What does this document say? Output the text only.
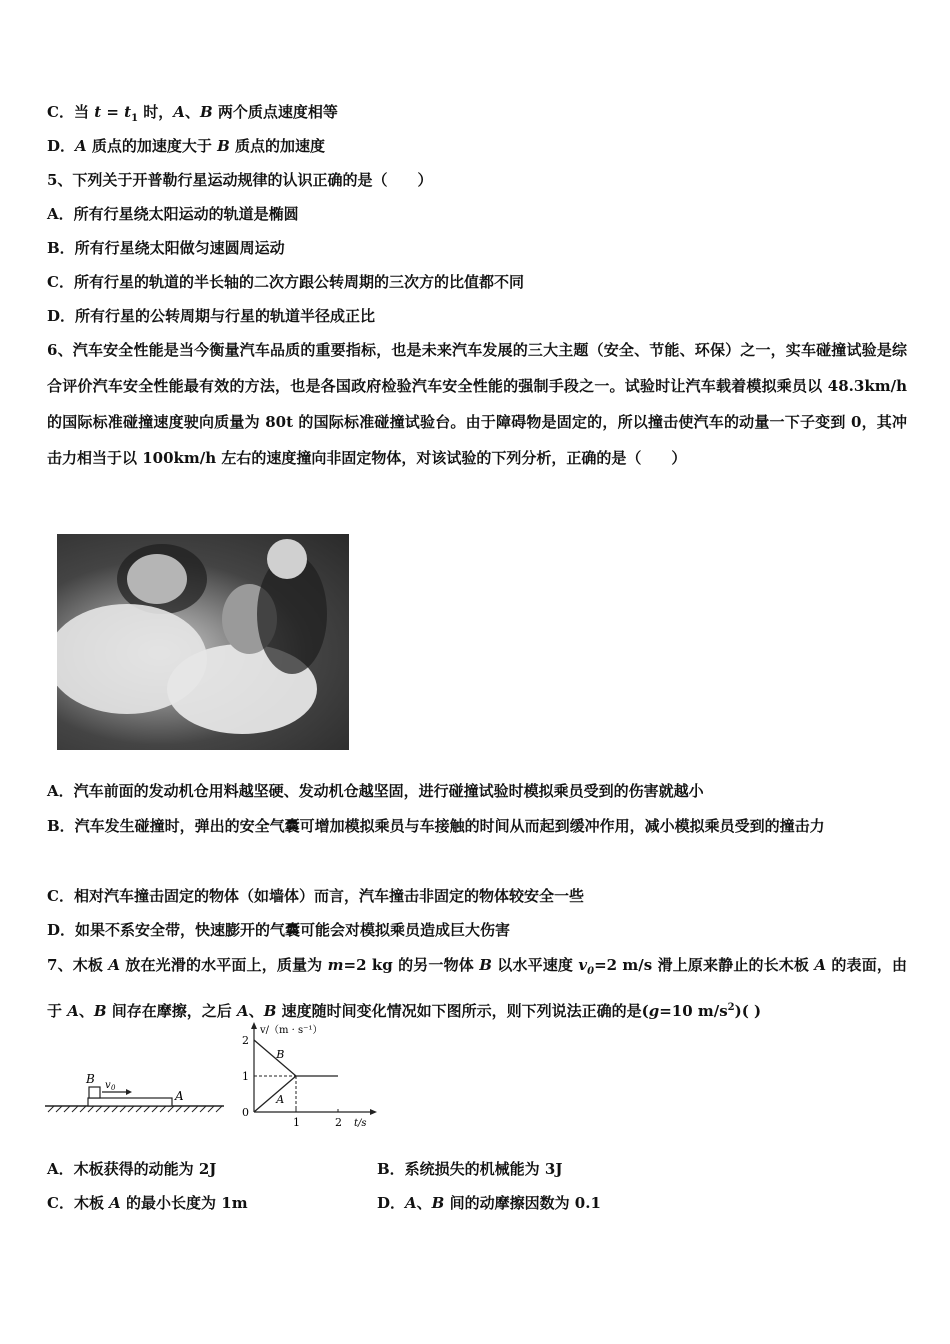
C．当 $t = t_1$ 时，A、B 两个质点速度相等
D．A 质点的加速度大于 B 质点的加速度
5、下列关于开普勒行星运动规律的认识正确的是（　　）
A．所有行星绕太阳运动的轨道是椭圆
B．所有行星绕太阳做匀速圆周运动
C．所有行星的轨道的半长轴的二次方跟公转周期的三次方的比值都不同
D．所有行星的公转周期与行星的轨道半径成正比
6、汽车安全性能是当今衡量汽车品质的重要指标，也是未来汽车发展的三大主题（安全、节能、环保）之一，实车碰撞试验是综合评价汽车安全性能最有效的方法，也是各国政府检验汽车安全性能的强制手段之一。试验时让汽车载着模拟乘员以 48.3km/h 的国际标准碰撞速度驶向质量为 80t 的国际标准碰撞试验台。由于障碍物是固定的，所以撞击使汽车的动量一下子变到 0，其冲击力相当于以 100km/h 左右的速度撞向非固定物体，对该试验的下列分析，正确的是（　　）
A．汽车前面的发动机仓用料越坚硬、发动机仓越坚固，进行碰撞试验时模拟乘员受到的伤害就越小
B．汽车发生碰撞时，弹出的安全气囊可增加模拟乘员与车接触的时间从而起到缓冲作用，减小模拟乘员受到的撞击力
C．相对汽车撞击固定的物体（如墙体）而言，汽车撞击非固定的物体较安全一些
D．如果不系安全带，快速膨开的气囊可能会对模拟乘员造成巨大伤害
7、木板 A 放在光滑的水平面上，质量为 m=2 kg 的另一物体 B 以水平速度 $v_0=2$ m/s 滑上原来静止的长木板 A 的表面，由于 A、B 间存在摩擦，之后 A、B 速度随时间变化情况如下图所示，则下列说法正确的是(g=10 $m/s^2$)( )
B v 0
A
v/（m · s⁻¹）
t/s
B
A
2
1
0
1	2
A．木板获得的动能为 2J	B．系统损失的机械能为 3J
C．木板 A 的最小长度为 1m	D．A、B 间的动摩擦因数为 0.1
